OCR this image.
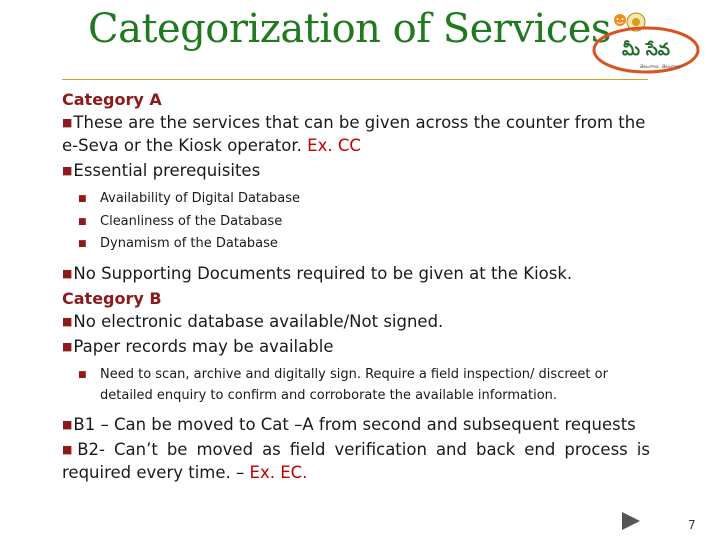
Categorization of Services మీ సేవ
తెలంగాణ, తెలంగాణ
Category A

■These are the services that can be given across the counter from the e-Seva or the Kiosk operator. Ex. CC

■Essential prerequisites

■	Availability of Digital Database
■	Cleanliness of the Database
■	Dynamism of the Database

■No Supporting Documents required to be given at the Kiosk.

Category B

■No electronic database available/Not signed.

■Paper records may be available

■	Need to scan, archive and digitally sign. Require a field inspection/ discreet or detailed enquiry to confirm and corroborate the available information.

■B1 – Can be moved to Cat –A from second and subsequent requests

■B2- Can’t be moved as field verification and back end process is required every time. – Ex. EC.

7
